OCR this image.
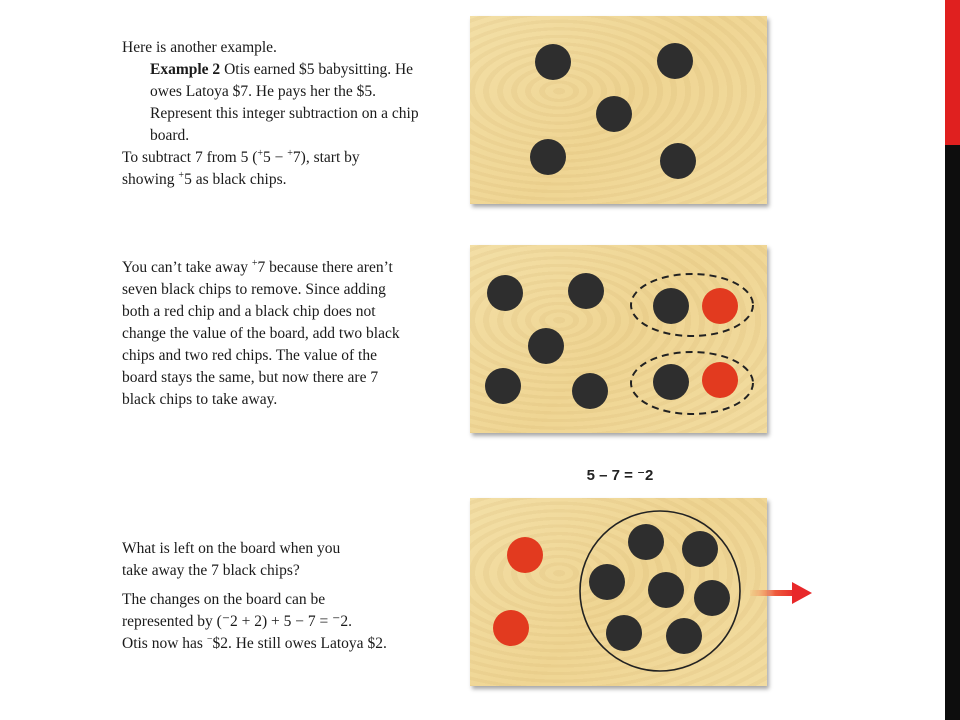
Here is another example.

Example 2 Otis earned $5 babysitting. He owes Latoya $7. He pays her the $5. Represent this integer subtraction on a chip board.

To subtract 7 from 5 (+5 − +7), start by

showing +5 as black chips.

You can’t take away +7 because there aren’t seven black chips to remove. Since adding both a red chip and a black chip does not change the value of the board, add two black chips and two red chips. The value of the board stays the same, but now there are 7 black chips to take away.

5 – 7 = ⁻2

What is left on the board when you

take away the 7 black chips?

The changes on the board can be

represented by (⁻2 + 2) + 5 − 7 = ⁻2.

Otis now has −$2. He still owes Latoya $2.
